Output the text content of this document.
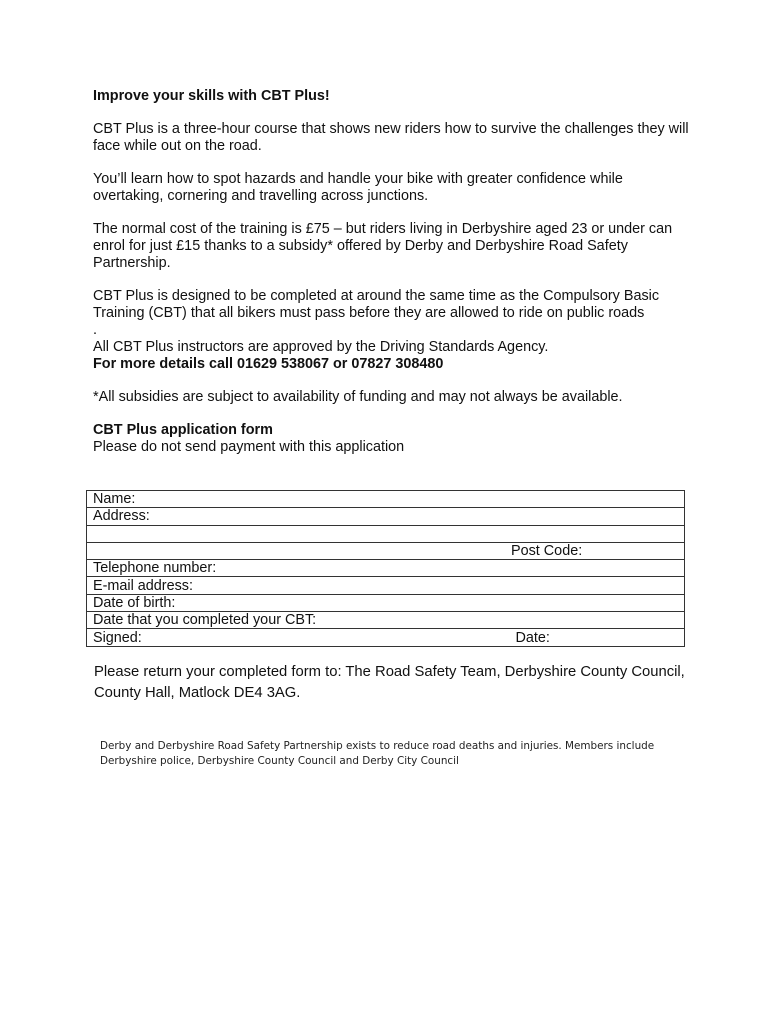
Improve your skills with CBT Plus!

CBT Plus is a three-hour course that shows new riders how to survive the challenges they will face while out on the road.

You’ll learn how to spot hazards and handle your bike with greater confidence while overtaking, cornering and travelling across junctions.

The normal cost of the training is £75 – but riders living in Derbyshire aged 23 or under can enrol for just £15 thanks to a subsidy* offered by Derby and Derbyshire Road Safety Partnership.

CBT Plus is designed to be completed at around the same time as the Compulsory Basic Training (CBT) that all bikers must pass before they are allowed to ride on public roads

.

All CBT Plus instructors are approved by the Driving Standards Agency.

For more details call 01629 538067 or 07827 308480

*All subsidies are subject to availability of funding and may not always be available.

CBT Plus application form

Please do not send payment with this application

Name:
Address:

Post Code:
Telephone number:
E-mail address:
Date of birth:
Date that you completed your CBT:
Signed:	Date:

Please return your completed form to: The Road Safety Team, Derbyshire County Council, County Hall, Matlock DE4 3AG.

Derby and Derbyshire Road Safety Partnership exists to reduce road deaths and injuries. Members include Derbyshire police, Derbyshire County Council and Derby City Council
